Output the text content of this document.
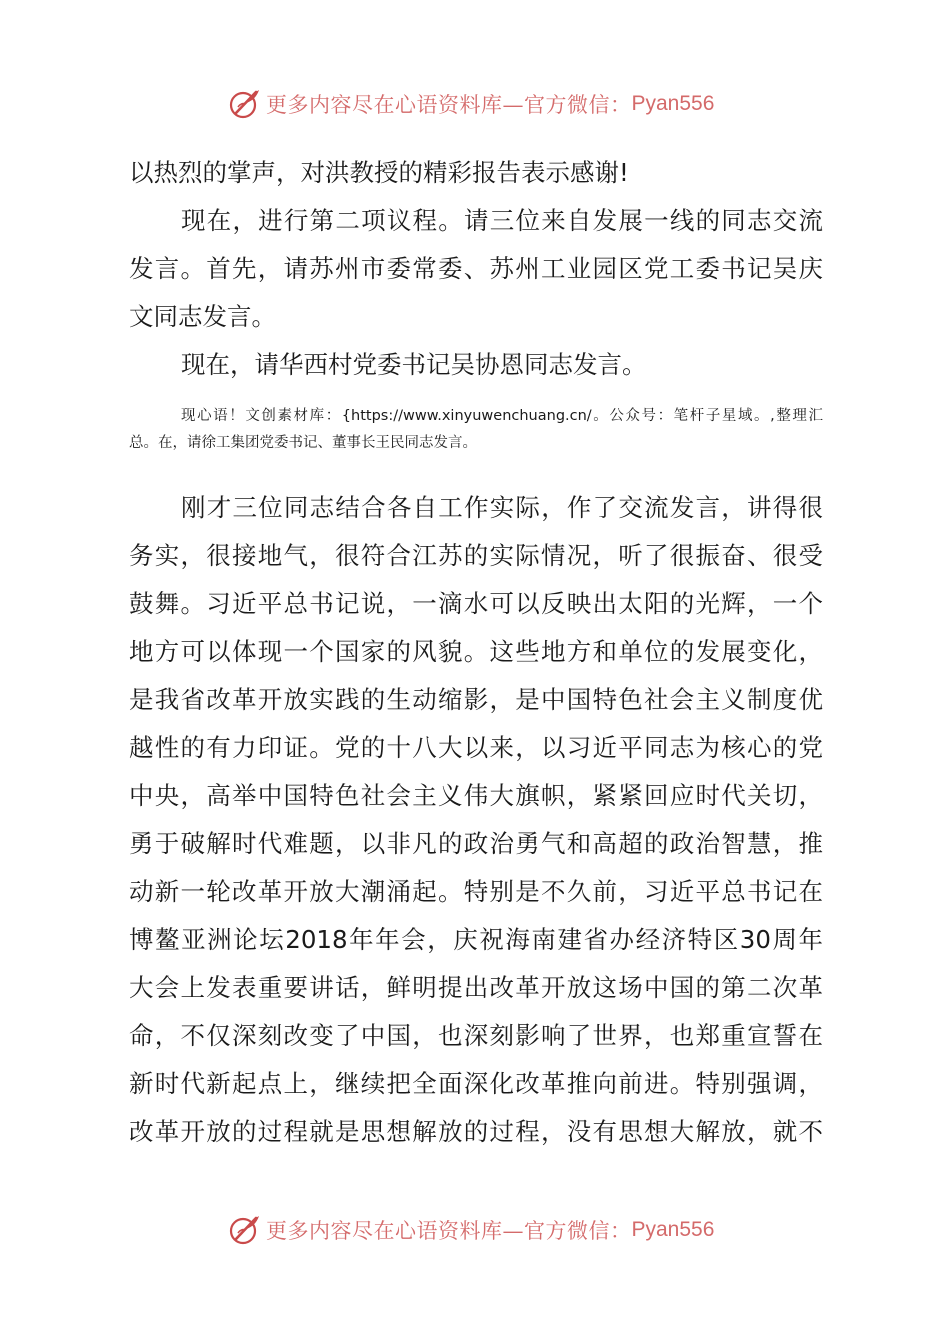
更多内容尽在心语资料库—官方微信： Pyan556
以热烈的掌声，对洪教授的精彩报告表示感谢!
现在，进行第二项议程。请三位来自发展一线的同志交流
发言。首先，请苏州市委常委、苏州工业园区党工委书记吴庆
文同志发言。
现在，请华西村党委书记吴协恩同志发言。
现心语！文创素材库：{https://www.xinyuwenchuang.cn/。公众号：笔杆子星域。,整理汇
总。在，请徐工集团党委书记、董事长王民同志发言。
刚才三位同志结合各自工作实际，作了交流发言，讲得很
务实，很接地气，很符合江苏的实际情况，听了很振奋、很受
鼓舞。习近平总书记说，一滴水可以反映出太阳的光辉，一个
地方可以体现一个国家的风貌。这些地方和单位的发展变化，
是我省改革开放实践的生动缩影，是中国特色社会主义制度优
越性的有力印证。党的十八大以来，以习近平同志为核心的党
中央，高举中国特色社会主义伟大旗帜，紧紧回应时代关切，
勇于破解时代难题，以非凡的政治勇气和高超的政治智慧，推
动新一轮改革开放大潮涌起。特别是不久前，习近平总书记在
博鳌亚洲论坛2018年年会，庆祝海南建省办经济特区30周年
大会上发表重要讲话，鲜明提出改革开放这场中国的第二次革
命，不仅深刻改变了中国，也深刻影响了世界，也郑重宣誓在
新时代新起点上，继续把全面深化改革推向前进。特别强调，
改革开放的过程就是思想解放的过程，没有思想大解放，就不
更多内容尽在心语资料库—官方微信： Pyan556
